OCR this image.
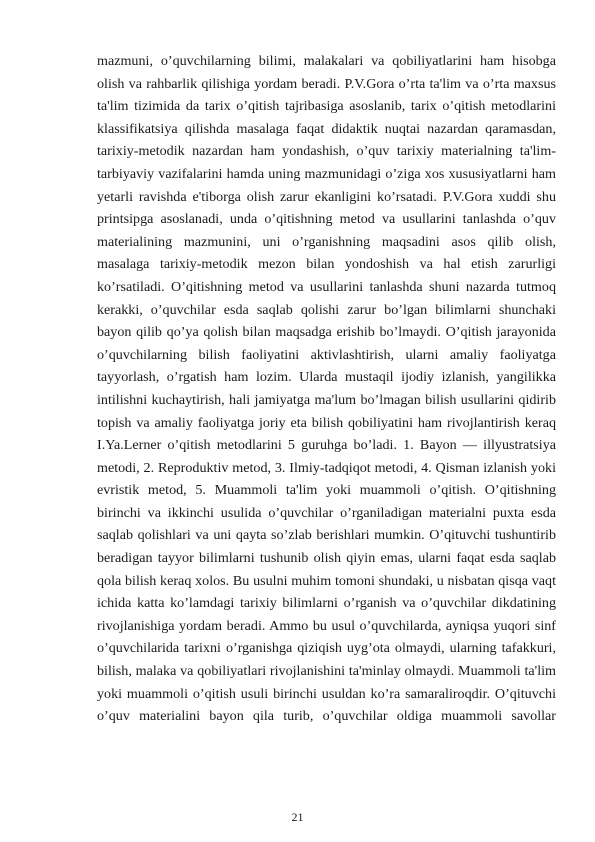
mazmuni, o’quvchilarning bilimi, malakalari va qobiliyatlarini ham hisobga
olish va rahbarlik qilishiga yordam beradi. P.V.Gora o’rta ta'lim va o’rta maxsus
ta'lim tizimida da tarix o’qitish tajribasiga asoslanib, tarix o’qitish metodlarini
klassifikatsiya qilishda masalaga faqat didaktik nuqtai nazardan qaramasdan,
tarixiy-metodik nazardan ham yondashish, o’quv tarixiy materialning ta'lim-
tarbiyaviy vazifalarini hamda uning mazmunidagi o’ziga xos xususiyatlarni ham
yetarli ravishda e'tiborga olish zarur ekanligini ko’rsatadi. P.V.Gora xuddi shu
printsipga asoslanadi, unda o’qitishning metod va usullarini tanlashda o’quv
materialining mazmunini, uni o’rganishning maqsadini asos qilib olish,
masalaga tarixiy-metodik mezon bilan yondoshish va hal etish zarurligi
ko’rsatiladi. O’qitishning metod va usullarini tanlashda shuni nazarda tutmoq
kerakki, o’quvchilar esda saqlab qolishi zarur bo’lgan bilimlarni shunchaki
bayon qilib qo’ya qolish bilan maqsadga erishib bo’lmaydi. O’qitish jarayonida
o’quvchilarning bilish faoliyatini aktivlashtirish, ularni amaliy faoliyatga
tayyorlash, o’rgatish ham lozim. Ularda mustaqil ijodiy izlanish, yangilikka
intilishni kuchaytirish, hali jamiyatga ma'lum bo’lmagan bilish usullarini qidirib
topish va amaliy faoliyatga joriy eta bilish qobiliyatini ham rivojlantirish keraq
I.Ya.Lerner o’qitish metodlarini 5 guruhga bo’ladi. 1. Bayon — illyustratsiya
metodi, 2. Reproduktiv metod, 3. Ilmiy-tadqiqot metodi, 4. Qisman izlanish yoki
evristik metod, 5. Muammoli ta'lim yoki muammoli o’qitish. O’qitishning
birinchi va ikkinchi usulida o’quvchilar o’rganiladigan materialni puxta esda
saqlab qolishlari va uni qayta so’zlab berishlari mumkin. O’qituvchi tushuntirib
beradigan tayyor bilimlarni tushunib olish qiyin emas, ularni faqat esda saqlab
qola bilish keraq xolos. Bu usulni muhim tomoni shundaki, u nisbatan qisqa vaqt
ichida katta ko’lamdagi tarixiy bilimlarni o’rganish va o’quvchilar dikdatining
rivojlanishiga yordam beradi. Ammo bu usul o’quvchilarda, ayniqsa yuqori sinf
o’quvchilarida tarixni o’rganishga qiziqish uyg’ota olmaydi, ularning tafakkuri,
bilish, malaka va qobiliyatlari rivojlanishini ta'minlay olmaydi. Muammoli ta'lim
yoki muammoli o’qitish usuli birinchi usuldan ko’ra samaraliroqdir. O’qituvchi
o’quv materialini bayon qila turib, o’quvchilar oldiga muammoli savollar
21
